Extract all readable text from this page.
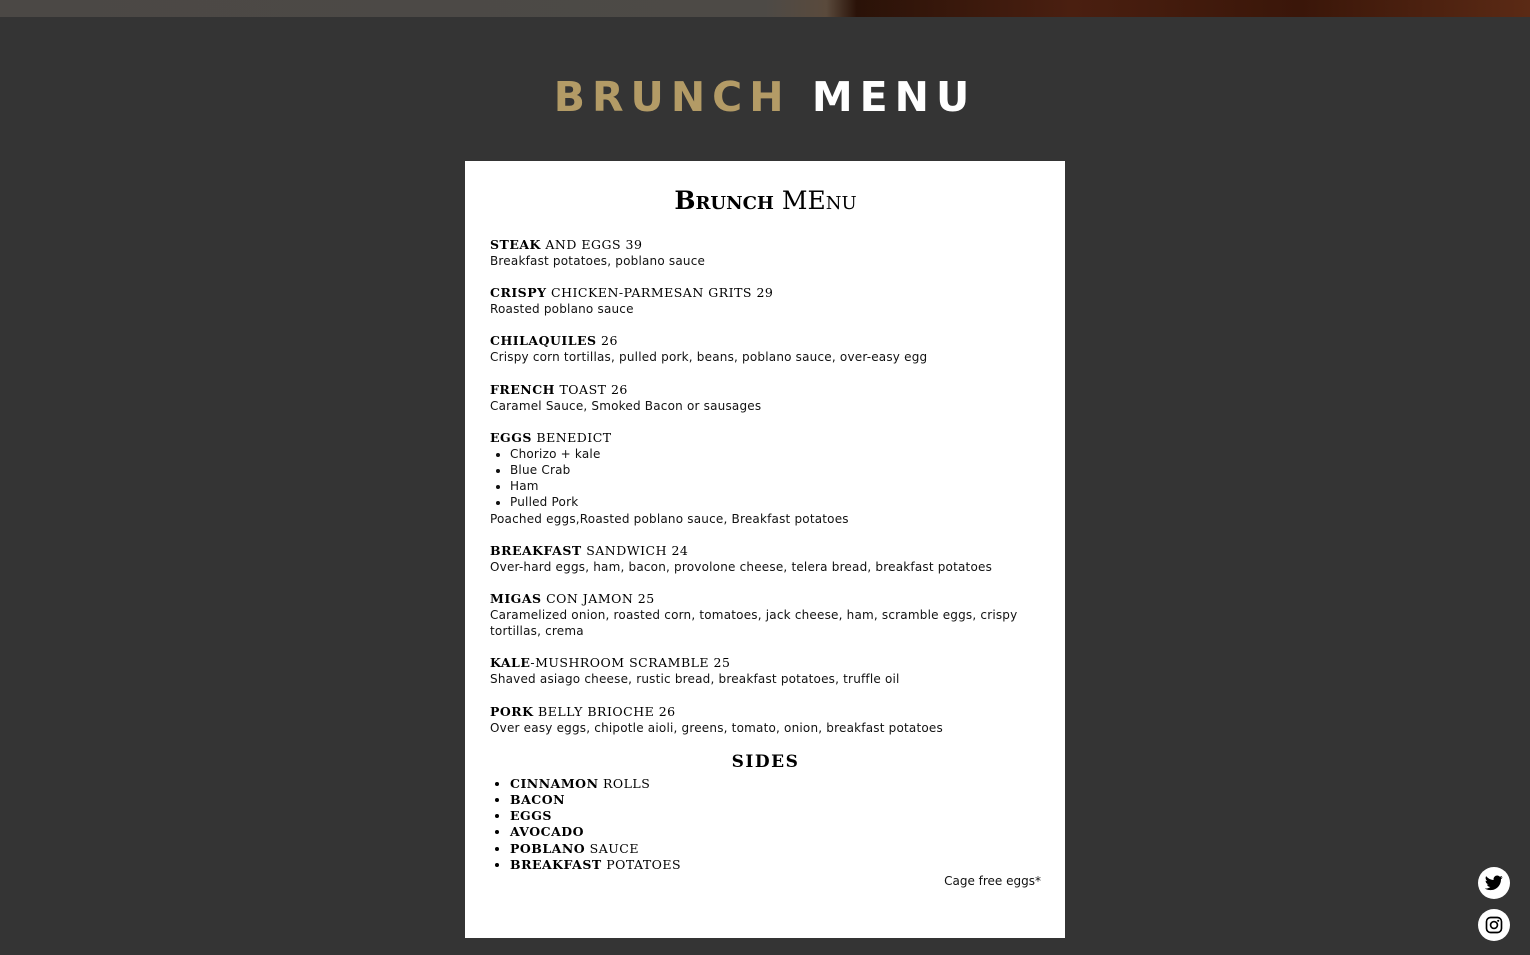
BRUNCH MENU
Brunch MEnu
STEAK AND EGGS 39
Breakfast potatoes, poblano sauce
CRISPY CHICKEN-PARMESAN GRITS 29
Roasted poblano sauce
CHILAQUILES 26
Crispy corn tortillas, pulled pork, beans, poblano sauce, over-easy egg
FRENCH TOAST 26
Caramel Sauce, Smoked Bacon or sausages
EGGS BENEDICT
• Chorizo + kale
• Blue Crab
• Ham
• Pulled Pork
Poached eggs,Roasted poblano sauce, Breakfast potatoes
BREAKFAST SANDWICH 24
Over-hard eggs, ham, bacon, provolone cheese, telera bread, breakfast potatoes
MIGAS CON JAMON 25
Caramelized onion, roasted corn, tomatoes, jack cheese, ham, scramble eggs, crispy tortillas, crema
KALE-MUSHROOM SCRAMBLE 25
Shaved asiago cheese, rustic bread, breakfast potatoes, truffle oil
PORK BELLY BRIOCHE 26
Over easy eggs, chipotle aioli, greens, tomato, onion, breakfast potatoes
SIDES
• CINNAMON ROLLS
• BACON
• EGGS
• AVOCADO
• POBLANO SAUCE
• BREAKFAST POTATOES
Cage free eggs*
